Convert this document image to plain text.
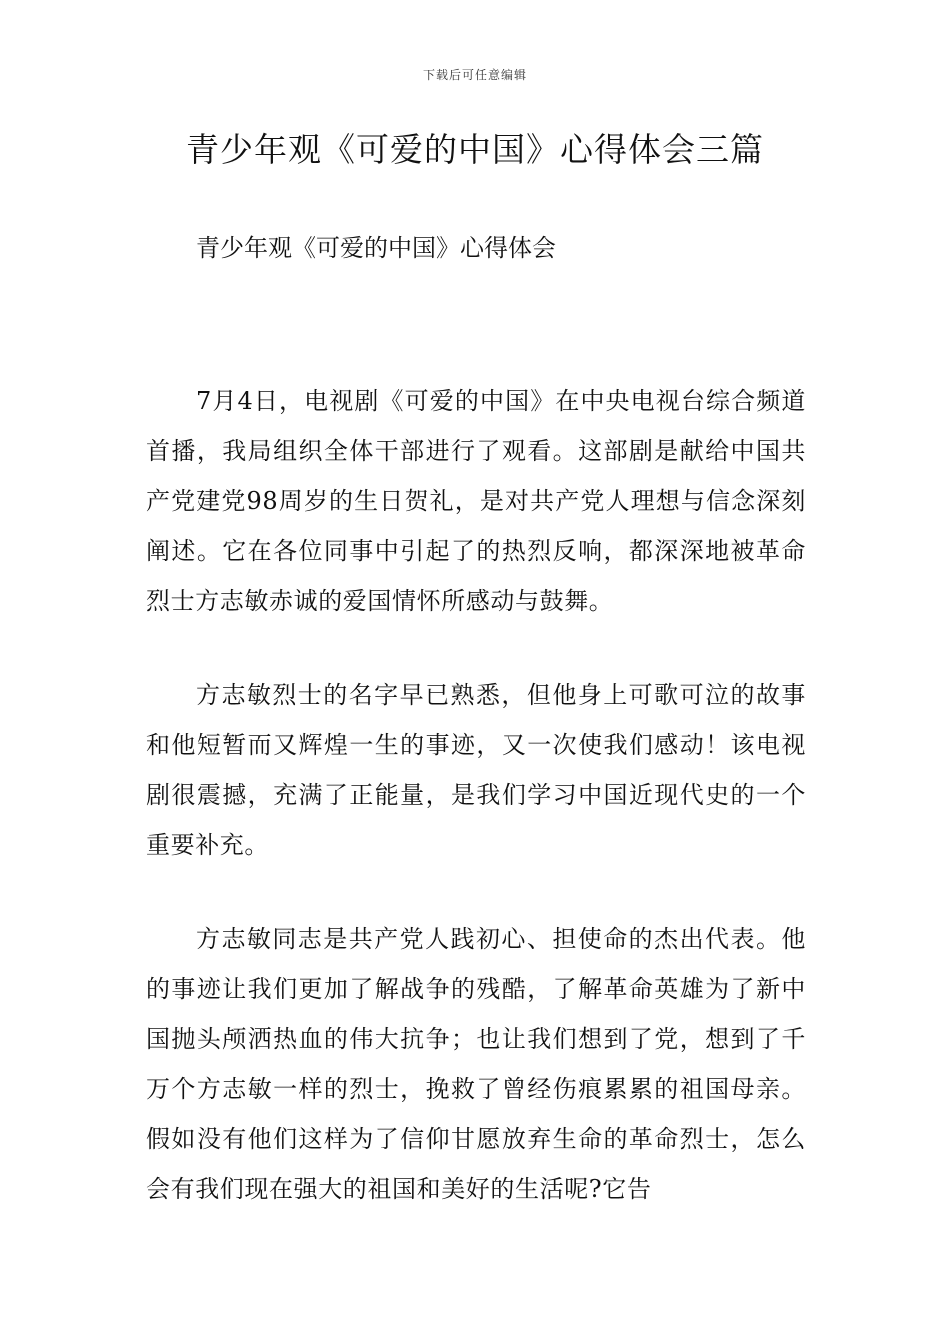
下载后可任意编辑
青少年观《可爱的中国》心得体会三篇

青少年观《可爱的中国》心得体会

7月4日，电视剧《可爱的中国》在中央电视台综合频道首播，我局组织全体干部进行了观看。这部剧是献给中国共产党建党98周岁的生日贺礼，是对共产党人理想与信念深刻阐述。它在各位同事中引起了的热烈反响，都深深地被革命烈士方志敏赤诚的爱国情怀所感动与鼓舞。

方志敏烈士的名字早已熟悉，但他身上可歌可泣的故事和他短暂而又辉煌一生的事迹，又一次使我们感动！该电视剧很震撼，充满了正能量，是我们学习中国近现代史的一个重要补充。

方志敏同志是共产党人践初心、担使命的杰出代表。他的事迹让我们更加了解战争的残酷，了解革命英雄为了新中国抛头颅洒热血的伟大抗争；也让我们想到了党，想到了千万个方志敏一样的烈士，挽救了曾经伤痕累累的祖国母亲。假如没有他们这样为了信仰甘愿放弃生命的革命烈士，怎么会有我们现在强大的祖国和美好的生活呢?它告
